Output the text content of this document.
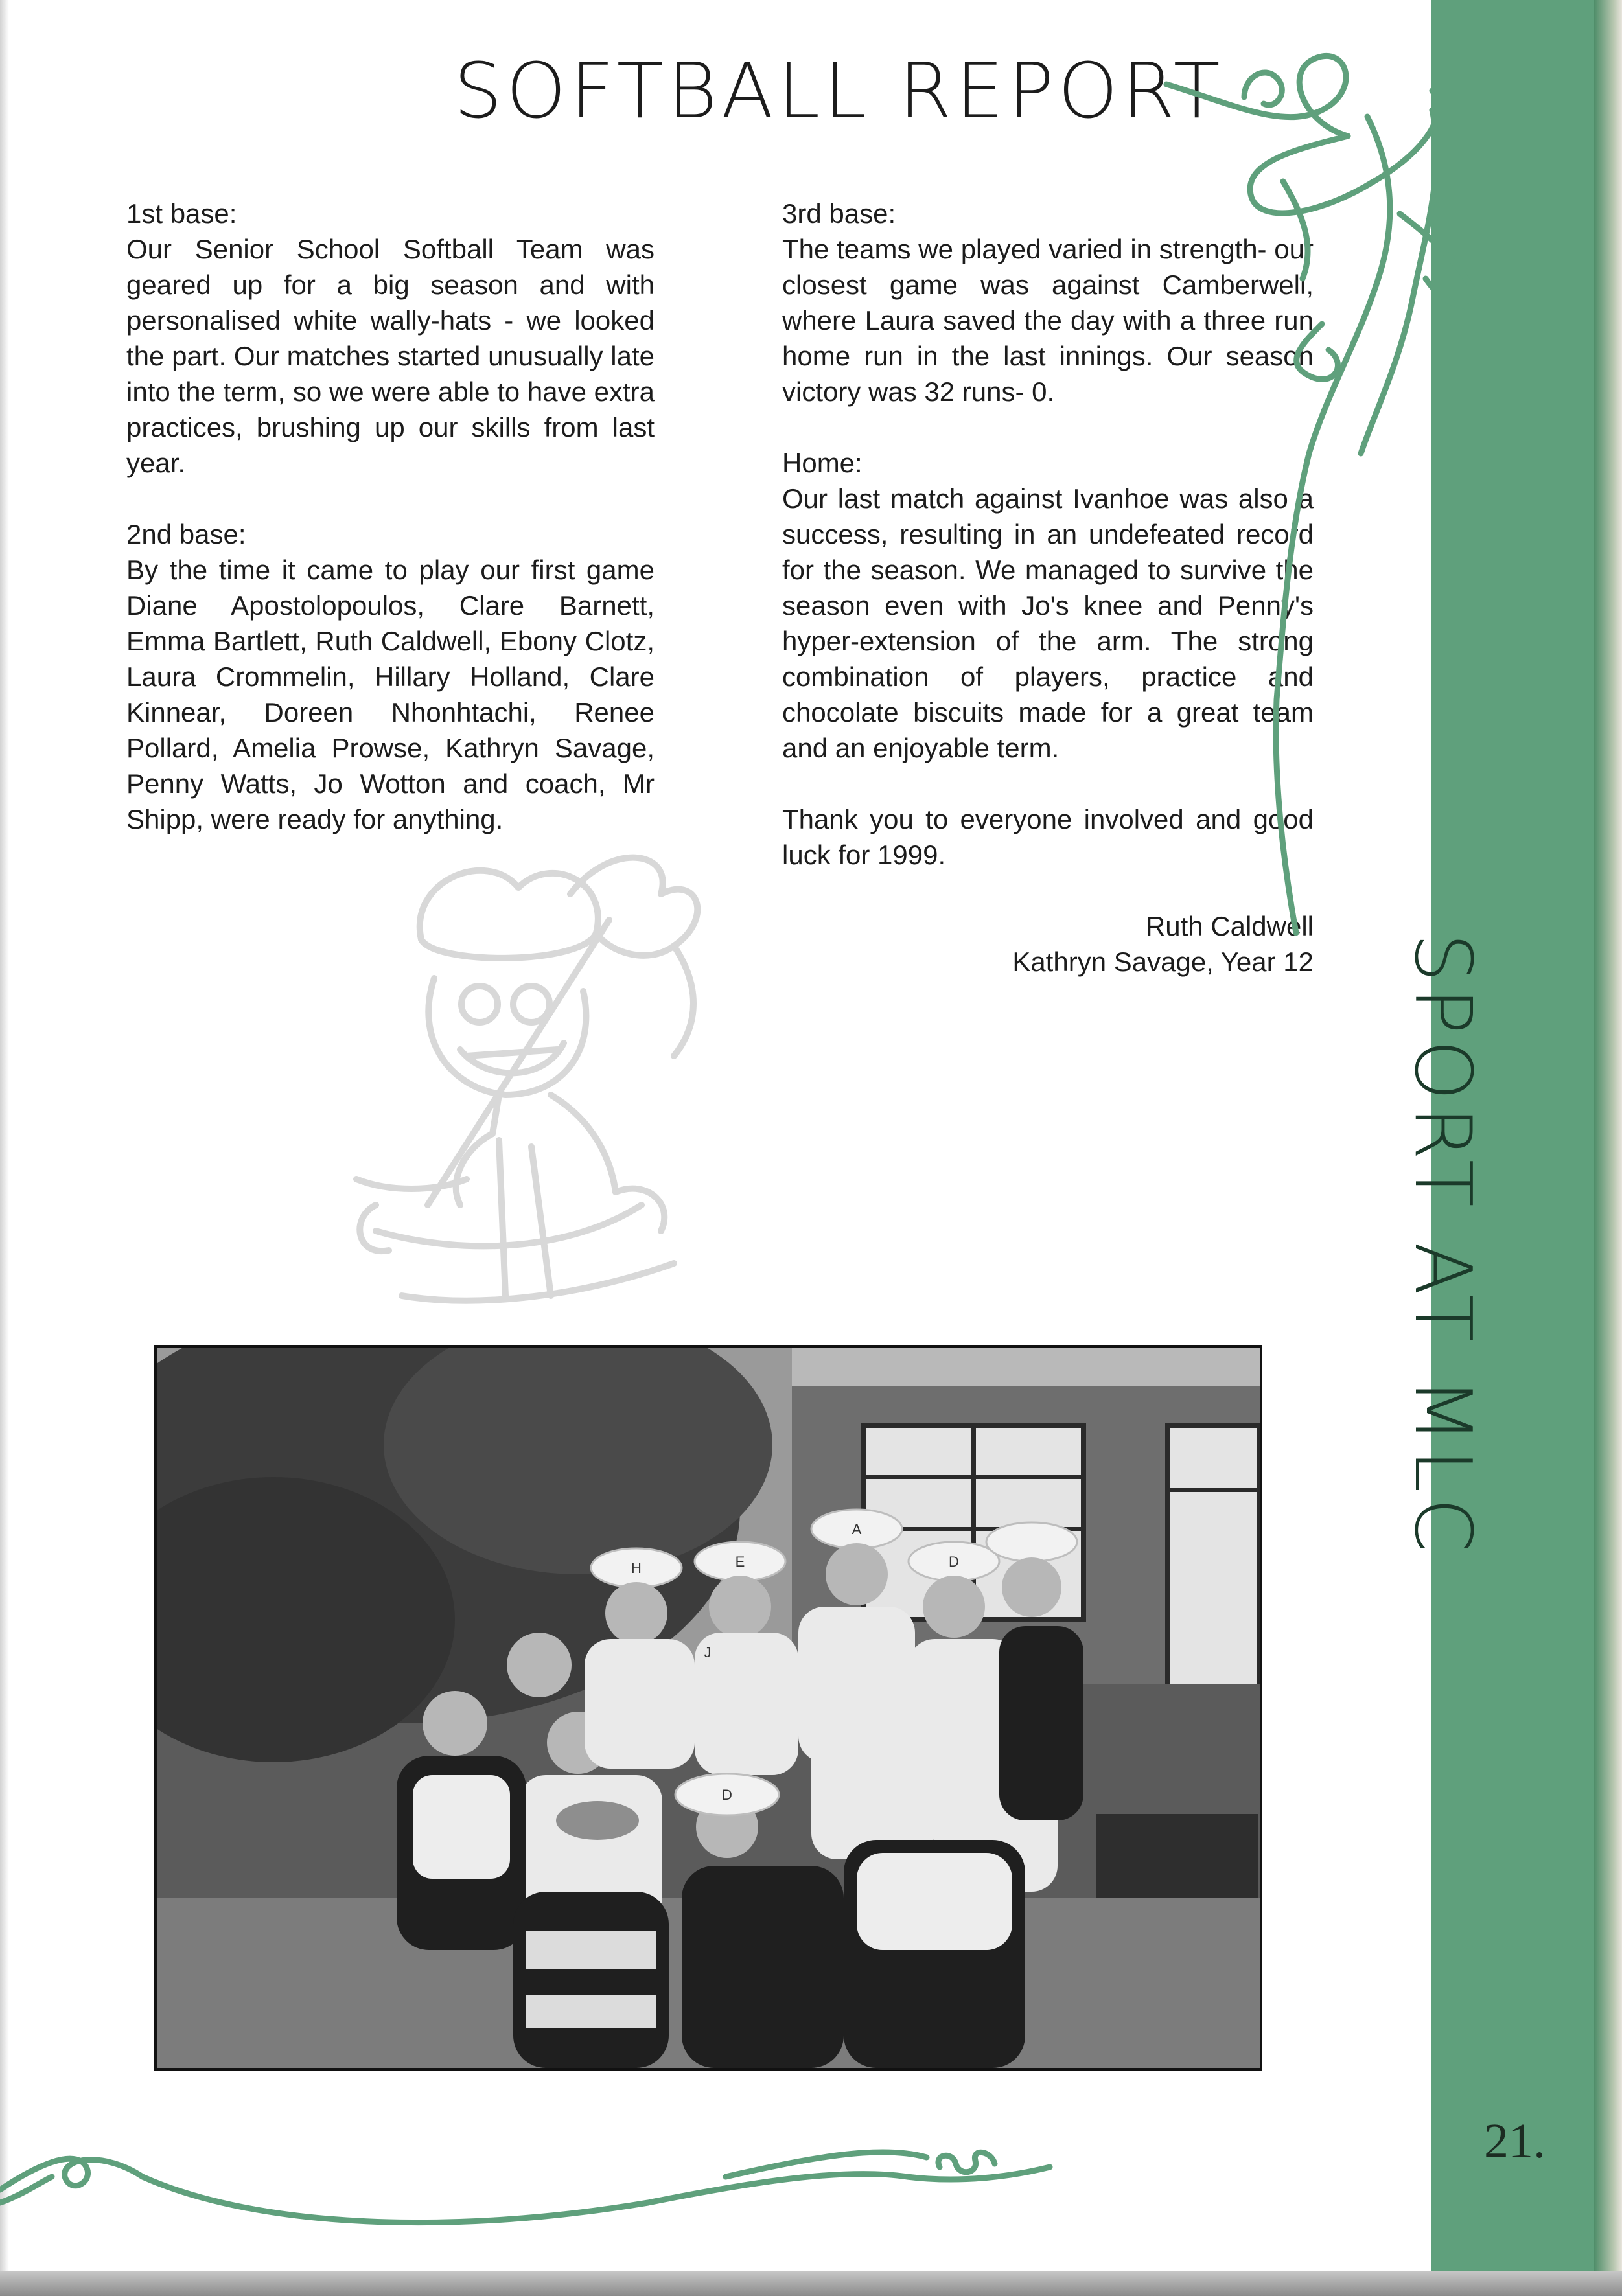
SOFTBALL REPORT

1st base:
Our Senior School Softball Team was geared up for a big season and with personalised white wally-hats - we looked the part. Our matches started unusually late into the term, so we were able to have extra practices, brushing up our skills from last year.

2nd base:
By the time it came to play our first game Diane Apostolopoulos, Clare Barnett, Emma Bartlett, Ruth Caldwell, Ebony Clotz, Laura Crommelin, Hillary Holland, Clare Kinnear, Doreen Nhonhtachi, Renee Pollard, Amelia Prowse, Kathryn Savage, Penny Watts, Jo Wotton and coach, Mr Shipp, were ready for anything.

3rd base:
The teams we played varied in strength- our closest game was against Camberwell, where Laura saved the day with a three run home run in the last innings. Our season victory was 32 runs- 0.

Home:
Our last match against Ivanhoe was also a success, resulting in an undefeated record for the season. We managed to survive the season even with Jo's knee and Penny's hyper-extension of the arm. The strong combination of players, practice and chocolate biscuits made for a great team and an enjoyable term.

Thank you to everyone involved and good luck for 1999.

Ruth Caldwell
Kathryn Savage, Year 12

H	E
A
D
J
D
SPORT AT MLC
21.
